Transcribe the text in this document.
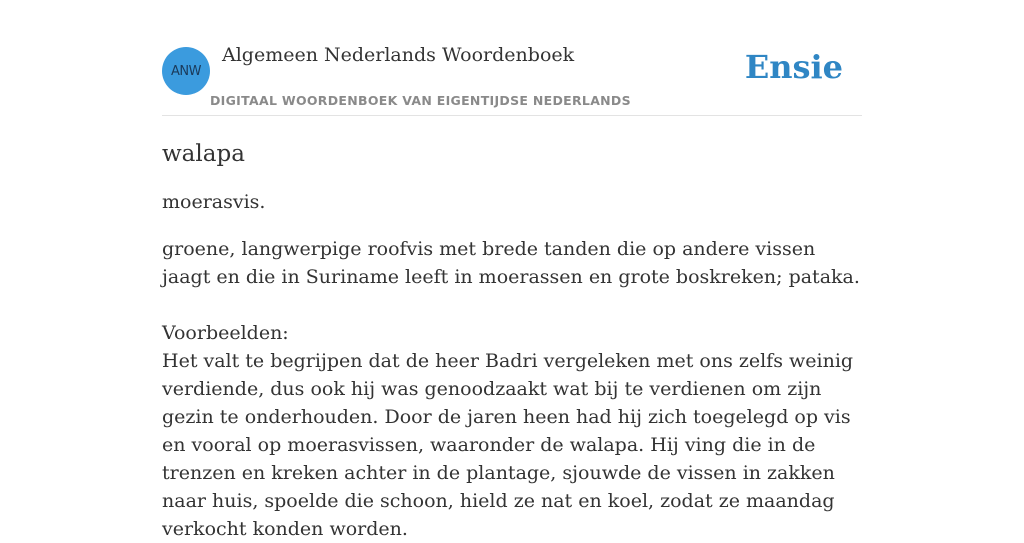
ANW
Algemeen Nederlands Woordenboek
DIGITAAL WOORDENBOEK VAN EIGENTIJDSE NEDERLANDS
Ensie
walapa

moerasvis.

groene, langwerpige roofvis met brede tanden die op andere vissen jaagt en die in Suriname leeft in moerassen en grote boskreken; pataka.

Voorbeelden:

Het valt te begrijpen dat de heer Badri vergeleken met ons zelfs weinig verdiende, dus ook hij was genoodzaakt wat bij te verdienen om zijn gezin te onderhouden. Door de jaren heen had hij zich toegelegd op vis en vooral op moerasvissen, waaronder de walapa. Hij ving die in de trenzen en kreken achter in de plantage, sjouwde de vissen in zakken naar huis, spoelde die schoon, hield ze nat en koel, zodat ze maandag verkocht konden worden.
